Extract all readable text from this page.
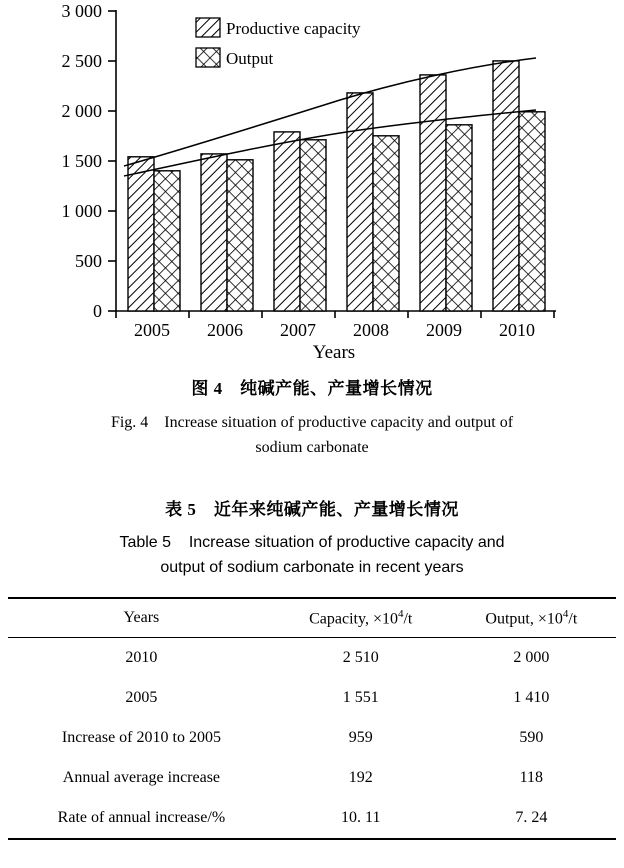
0
500
1 000
1 500
2 000
2 500
3 000
2005 2006 2007 2008 2009 2010
Years
Productive capacity
Output
图 4　纯碱产能、产量增长情况
Fig. 4 Increase situation of productive capacity and output of
sodium carbonate
表 5　近年来纯碱产能、产量增长情况
Table 5 Increase situation of productive capacity and
output of sodium carbonate in recent years
Years	Capacity, $\times 10^4/t$	Output, $\times 10^4/t$
2010	2 510	2 000
2005	1 551	1 410
Increase of 2010 to 2005	959	590
Annual average increase	192	118
Rate of annual increase/%	10. 11	7. 24
